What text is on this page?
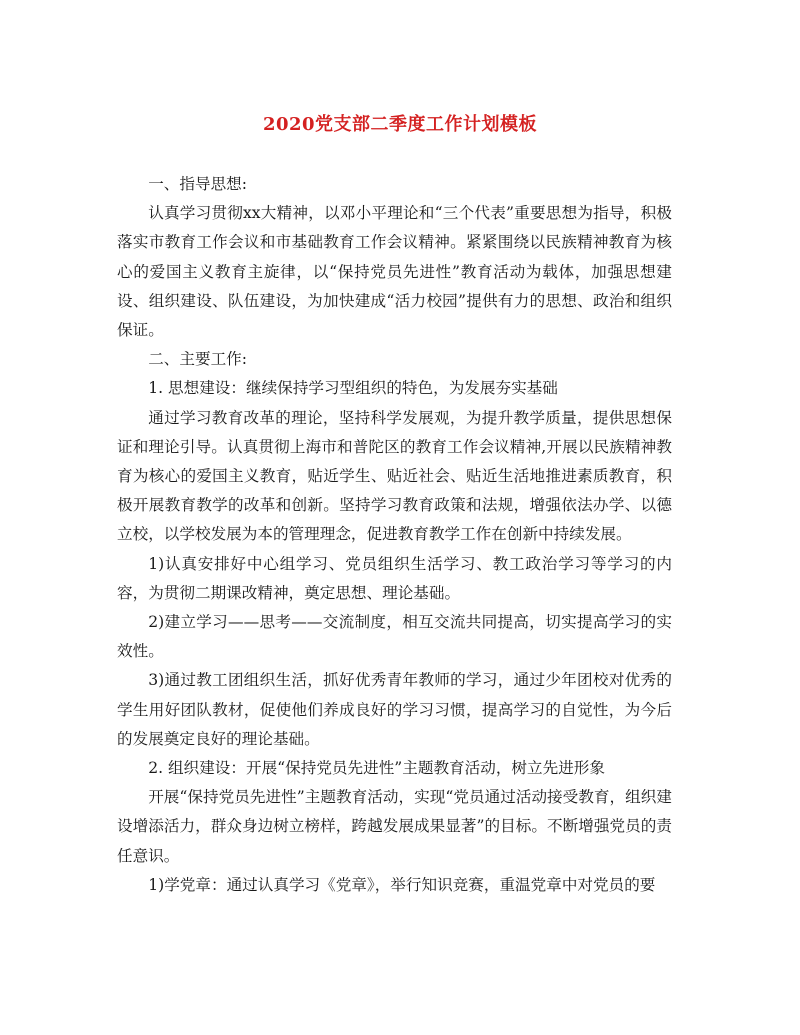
2020党支部二季度工作计划模板

一、指导思想:

认真学习贯彻xx大精神，以邓小平理论和“三个代表”重要思想为指导，积极落实市教育工作会议和市基础教育工作会议精神。紧紧围绕以民族精神教育为核心的爱国主义教育主旋律，以“保持党员先进性”教育活动为载体，加强思想建设、组织建设、队伍建设，为加快建成“活力校园”提供有力的思想、政治和组织保证。

二、主要工作:

1. 思想建设：继续保持学习型组织的特色，为发展夯实基础

通过学习教育改革的理论，坚持科学发展观，为提升教学质量，提供思想保证和理论引导。认真贯彻上海市和普陀区的教育工作会议精神,开展以民族精神教育为核心的爱国主义教育，贴近学生、贴近社会、贴近生活地推进素质教育，积极开展教育教学的改革和创新。坚持学习教育政策和法规，增强依法办学、以德立校，以学校发展为本的管理理念，促进教育教学工作在创新中持续发展。

1)认真安排好中心组学习、党员组织生活学习、教工政治学习等学习的内容，为贯彻二期课改精神，奠定思想、理论基础。

2)建立学习——思考——交流制度，相互交流共同提高，切实提高学习的实效性。

3)通过教工团组织生活，抓好优秀青年教师的学习，通过少年团校对优秀的学生用好团队教材，促使他们养成良好的学习习惯，提高学习的自觉性，为今后的发展奠定良好的理论基础。

2. 组织建设：开展“保持党员先进性”主题教育活动，树立先进形象

开展“保持党员先进性”主题教育活动，实现“党员通过活动接受教育，组织建设增添活力，群众身边树立榜样，跨越发展成果显著”的目标。不断增强党员的责任意识。

1)学党章：通过认真学习《党章》，举行知识竞赛，重温党章中对党员的要
